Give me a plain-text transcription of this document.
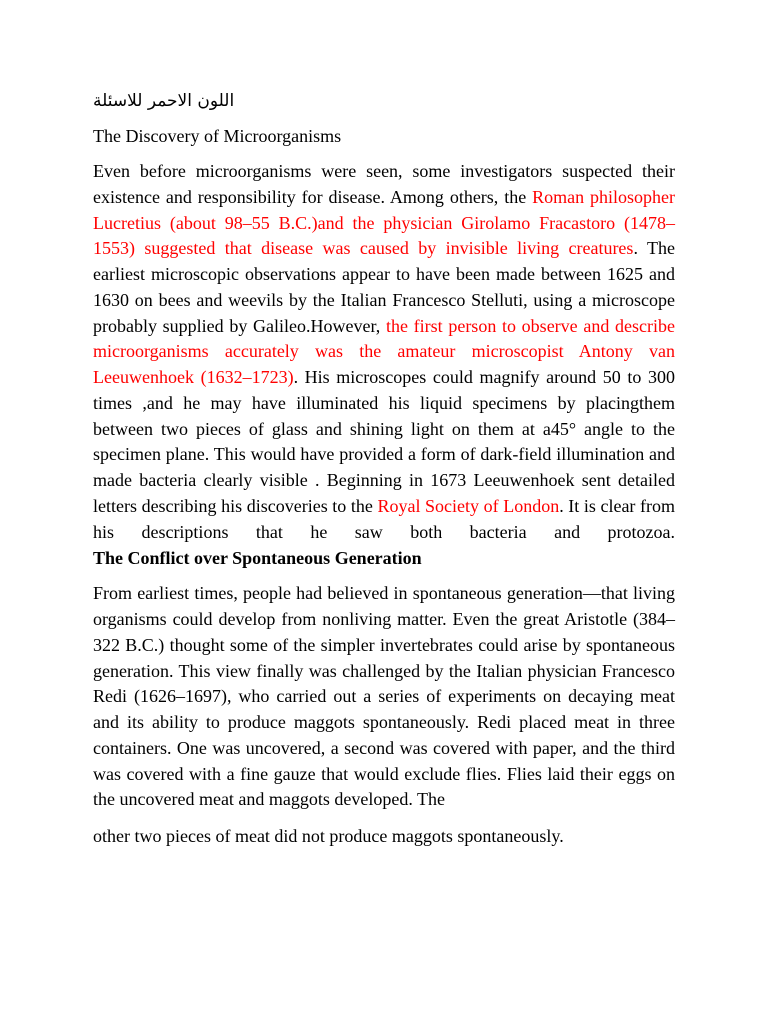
اللون الاحمر للاسئلة

The Discovery of Microorganisms

Even before microorganisms were seen, some investigators suspected their existence and responsibility for disease. Among others, the Roman philosopher Lucretius (about 98–55 B.C.)and the physician Girolamo Fracastoro (1478–1553) suggested that disease was caused by invisible living creatures. The earliest microscopic observations appear to have been made between 1625 and 1630 on bees and weevils by the Italian Francesco Stelluti, using a microscope probably supplied by Galileo.However, the first person to observe and describe microorganisms accurately was the amateur microscopist Antony van Leeuwenhoek (1632–1723). His microscopes could magnify around 50 to 300 times ,and he may have illuminated his liquid specimens by placingthem between two pieces of glass and shining light on them at a45° angle to the specimen plane. This would have provided a form of dark-field illumination and made bacteria clearly visible . Beginning in 1673 Leeuwenhoek sent detailed letters describing his discoveries to the Royal Society of London. It is clear from his descriptions that he saw both bacteria and protozoa.

The Conflict over Spontaneous Generation

From earliest times, people had believed in spontaneous generation—that living organisms could develop from nonliving matter. Even the great Aristotle (384–322 B.C.) thought some of the simpler invertebrates could arise by spontaneous generation. This view finally was challenged by the Italian physician Francesco Redi (1626–1697), who carried out a series of experiments on decaying meat and its ability to produce maggots spontaneously. Redi placed meat in three containers. One was uncovered, a second was covered with paper, and the third was covered with a fine gauze that would exclude flies. Flies laid their eggs on the uncovered meat and maggots developed. The

other two pieces of meat did not produce maggots spontaneously.
